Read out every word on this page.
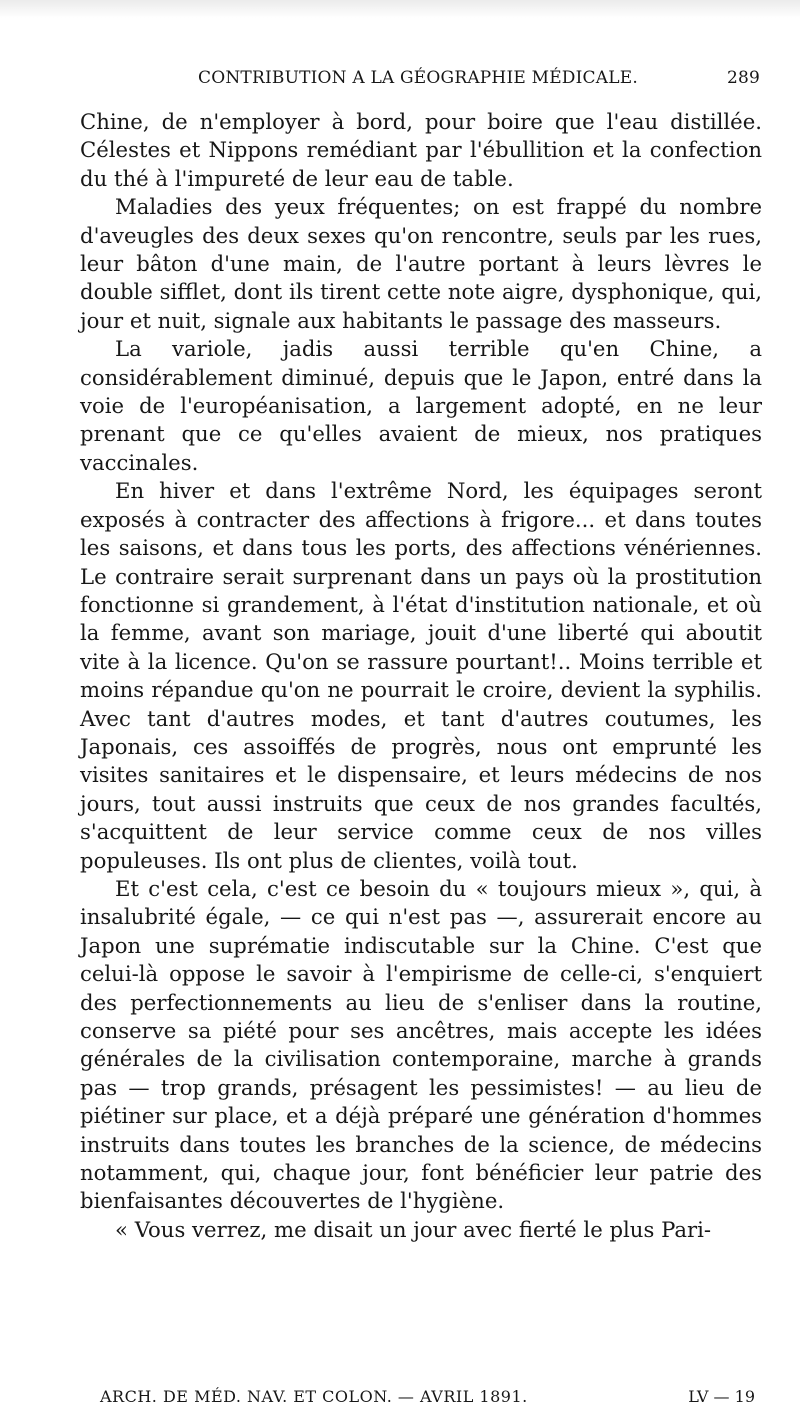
CONTRIBUTION A LA GÉOGRAPHIE MÉDICALE.	289

Chine, de n'employer à bord, pour boire que l'eau distillée. Célestes et Nippons remédiant par l'ébullition et la confection du thé à l'impureté de leur eau de table.

Maladies des yeux fréquentes; on est frappé du nombre d'aveugles des deux sexes qu'on rencontre, seuls par les rues, leur bâton d'une main, de l'autre portant à leurs lèvres le double sifflet, dont ils tirent cette note aigre, dysphonique, qui, jour et nuit, signale aux habitants le passage des masseurs.

La variole, jadis aussi terrible qu'en Chine, a considérablement diminué, depuis que le Japon, entré dans la voie de l'européanisation, a largement adopté, en ne leur prenant que ce qu'elles avaient de mieux, nos pratiques vaccinales.

En hiver et dans l'extrême Nord, les équipages seront exposés à contracter des affections à frigore... et dans toutes les saisons, et dans tous les ports, des affections vénériennes. Le contraire serait surprenant dans un pays où la prostitution fonctionne si grandement, à l'état d'institution nationale, et où la femme, avant son mariage, jouit d'une liberté qui aboutit vite à la licence. Qu'on se rassure pourtant!.. Moins terrible et moins répandue qu'on ne pourrait le croire, devient la syphilis. Avec tant d'autres modes, et tant d'autres coutumes, les Japonais, ces assoiffés de progrès, nous ont emprunté les visites sanitaires et le dispensaire, et leurs médecins de nos jours, tout aussi instruits que ceux de nos grandes facultés, s'acquittent de leur service comme ceux de nos villes populeuses. Ils ont plus de clientes, voilà tout.

Et c'est cela, c'est ce besoin du « toujours mieux », qui, à insalubrité égale, — ce qui n'est pas —, assurerait encore au Japon une suprématie indiscutable sur la Chine. C'est que celui-là oppose le savoir à l'empirisme de celle-ci, s'enquiert des perfectionnements au lieu de s'enliser dans la routine, conserve sa piété pour ses ancêtres, mais accepte les idées générales de la civilisation contemporaine, marche à grands pas — trop grands, présagent les pessimistes! — au lieu de piétiner sur place, et a déjà préparé une génération d'hommes instruits dans toutes les branches de la science, de médecins notamment, qui, chaque jour, font bénéficier leur patrie des bienfaisantes découvertes de l'hygiène.

« Vous verrez, me disait un jour avec fierté le plus Pari-

ARCH. DE MÉD. NAV. ET COLON. — AVRIL 1891.	LV — 19
